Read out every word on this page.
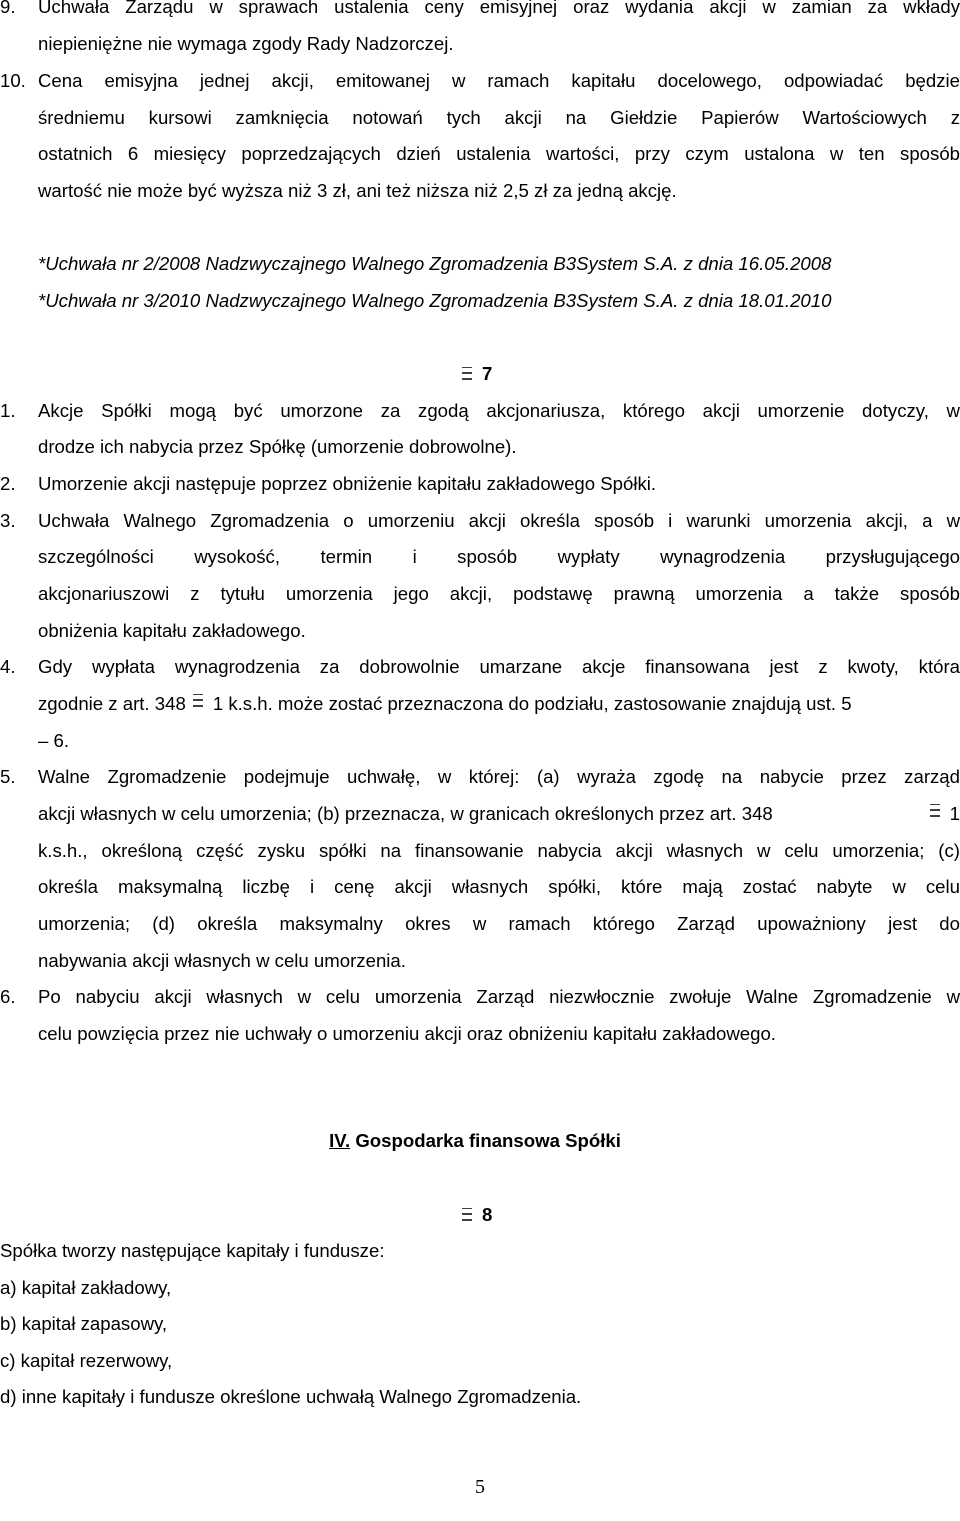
9. Uchwała Zarządu w sprawach ustalenia ceny emisyjnej oraz wydania akcji w zamian za wkłady

niepieniężne nie wymaga zgody Rady Nadzorczej.

10. Cena emisyjna jednej akcji, emitowanej w ramach kapitału docelowego, odpowiadać będzie

średniemu kursowi zamknięcia notowań tych akcji na Giełdzie Papierów Wartościowych z

ostatnich 6 miesięcy poprzedzających dzień ustalenia wartości, przy czym ustalona w ten sposób

wartość nie może być wyższa niż 3 zł, ani też niższa niż 2,5 zł za jedną akcję.

*Uchwała nr 2/2008 Nadzwyczajnego Walnego Zgromadzenia B3System S.A. z dnia 16.05.2008

*Uchwała nr 3/2010 Nadzwyczajnego Walnego Zgromadzenia B3System S.A. z dnia 18.01.2010

7

1. Akcje Spółki mogą być umorzone za zgodą akcjonariusza, którego akcji umorzenie dotyczy, w

drodze ich nabycia przez Spółkę (umorzenie dobrowolne).

2. Umorzenie akcji następuje poprzez obniżenie kapitału zakładowego Spółki.

3. Uchwała Walnego Zgromadzenia o umorzeniu akcji określa sposób i warunki umorzenia akcji, a w

szczególności wysokość, termin i sposób wypłaty wynagrodzenia przysługującego

akcjonariuszowi z tytułu umorzenia jego akcji, podstawę prawną umorzenia a także sposób

obniżenia kapitału zakładowego.

4. Gdy wypłata wynagrodzenia za dobrowolnie umarzane akcje finansowana jest z kwoty, która

zgodnie z art. 348 1 k.s.h. może zostać przeznaczona do podziału, zastosowanie znajdują ust. 5

– 6.

5. Walne Zgromadzenie podejmuje uchwałę, w której: (a) wyraża zgodę na nabycie przez zarząd

akcji własnych w celu umorzenia; (b) przeznacza, w granicach określonych przez art. 348	1

k.s.h., określoną część zysku spółki na finansowanie nabycia akcji własnych w celu umorzenia; (c)

określa maksymalną liczbę i cenę akcji własnych spółki, które mają zostać nabyte w celu

umorzenia; (d) określa maksymalny okres w ramach którego Zarząd upoważniony jest do

nabywania akcji własnych w celu umorzenia.

6. Po nabyciu akcji własnych w celu umorzenia Zarząd niezwłocznie zwołuje Walne Zgromadzenie w

celu powzięcia przez nie uchwały o umorzeniu akcji oraz obniżeniu kapitału zakładowego.

IV. Gospodarka finansowa Spółki
8

Spółka tworzy następujące kapitały i fundusze:

a) kapitał zakładowy,

b) kapitał zapasowy,

c) kapitał rezerwowy,

d) inne kapitały i fundusze określone uchwałą Walnego Zgromadzenia.

5
